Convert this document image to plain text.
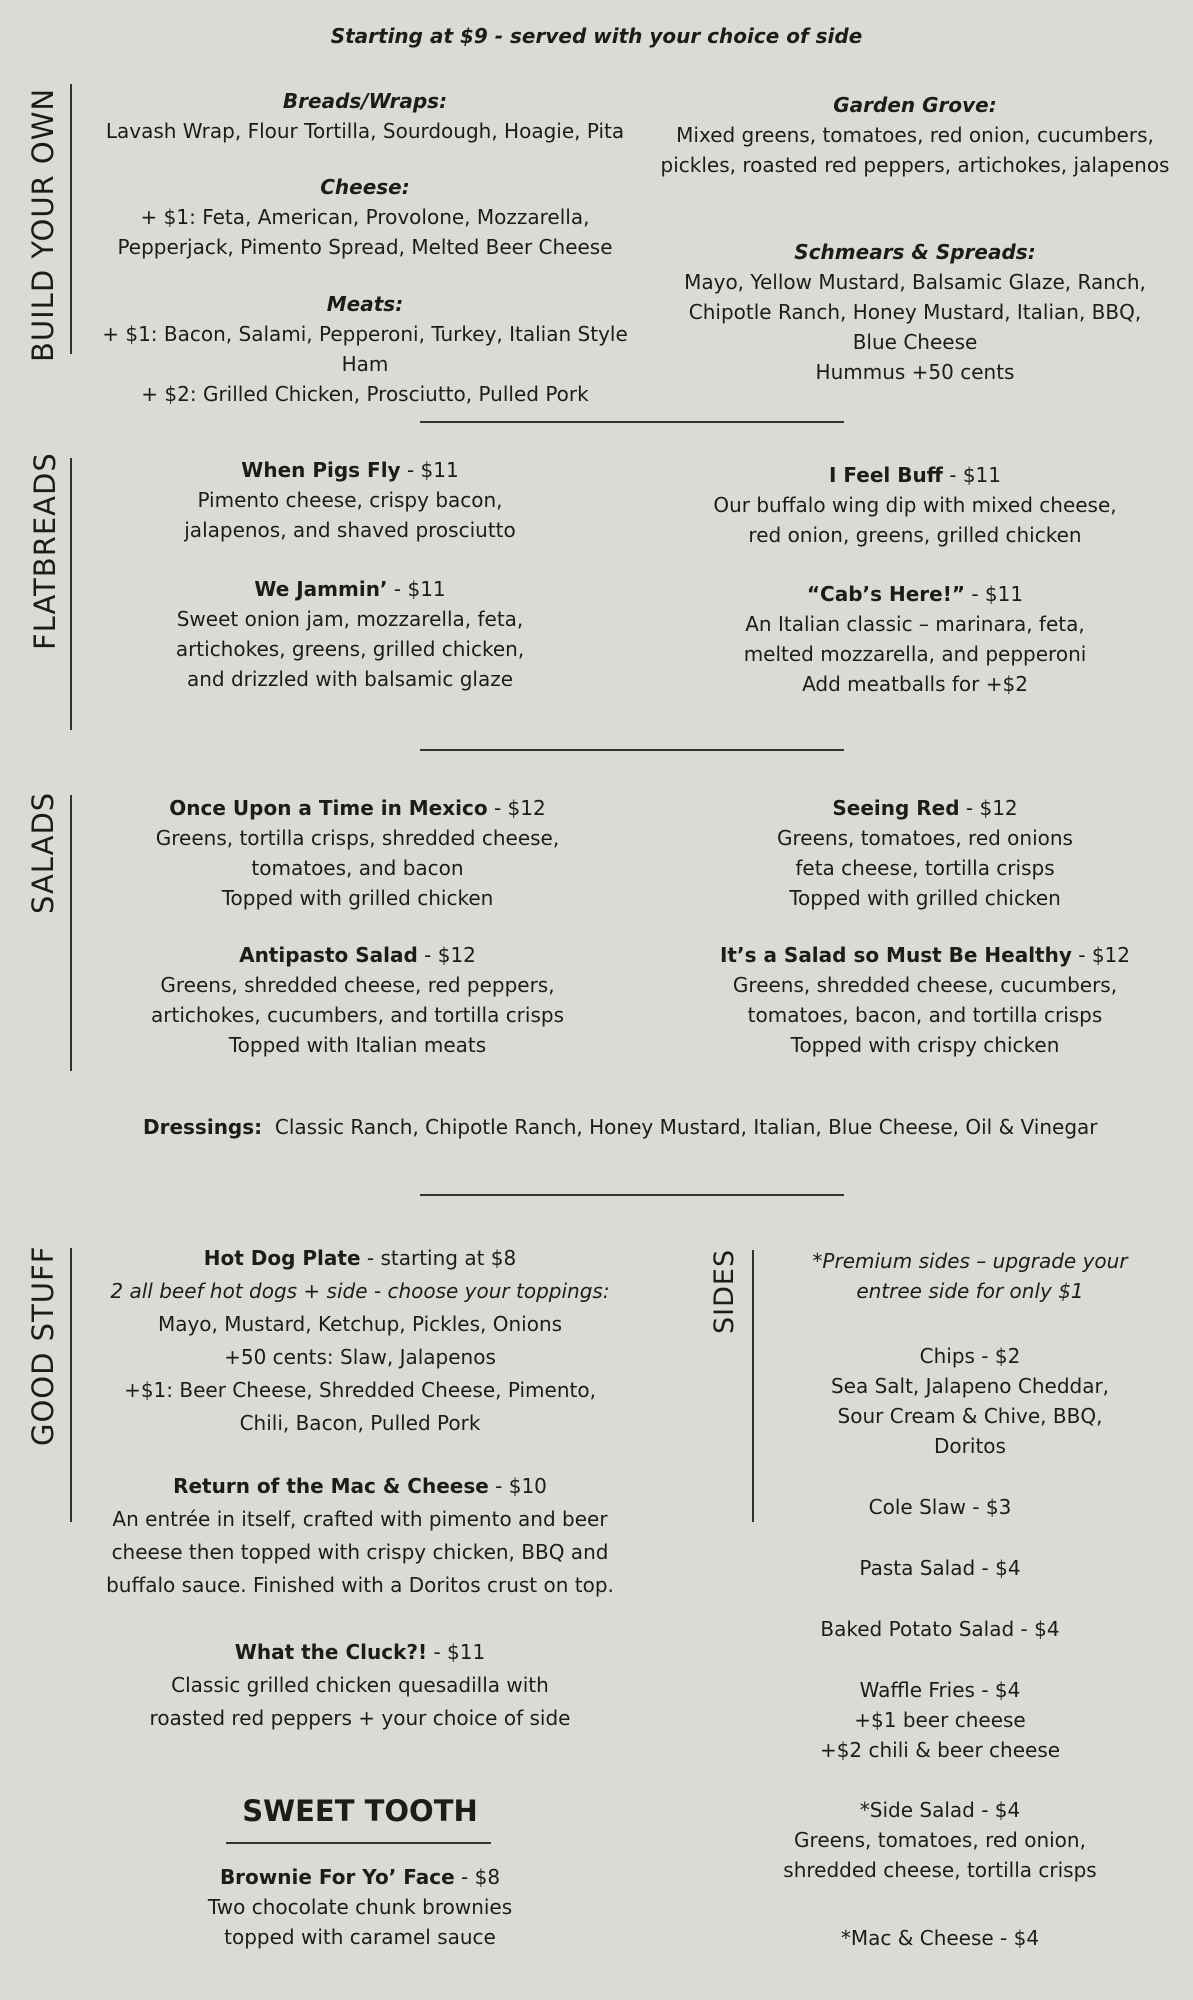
Starting at $9 - served with your choice of side
BUILD YOUR OWN	Breads/Wraps:
Lavash Wrap, Flour Tortilla, Sourdough, Hoagie, Pita
Cheese:
+ $1: Feta, American, Provolone, Mozzarella,
Pepperjack, Pimento Spread, Melted Beer Cheese
Meats:
+ $1: Bacon, Salami, Pepperoni, Turkey, Italian Style Ham
+ $2: Grilled Chicken, Prosciutto, Pulled Pork
Garden Grove:
Mixed greens, tomatoes, red onion, cucumbers,
pickles, roasted red peppers, artichokes, jalapenos
Schmears & Spreads:
Mayo, Yellow Mustard, Balsamic Glaze, Ranch,
Chipotle Ranch, Honey Mustard, Italian, BBQ,
Blue Cheese
Hummus +50 cents
FLATBREADS	When Pigs Fly - $11
Pimento cheese, crispy bacon,
jalapenos, and shaved prosciutto
We Jammin’ - $11
Sweet onion jam, mozzarella, feta,
artichokes, greens, grilled chicken,
and drizzled with balsamic glaze
I Feel Buff - $11
Our buffalo wing dip with mixed cheese,
red onion, greens, grilled chicken
“Cab’s Here!” - $11
An Italian classic – marinara, feta,
melted mozzarella, and pepperoni
Add meatballs for +$2
SALADS	Once Upon a Time in Mexico - $12
Greens, tortilla crisps, shredded cheese,
tomatoes, and bacon
Topped with grilled chicken
Antipasto Salad - $12
Greens, shredded cheese, red peppers,
artichokes, cucumbers, and tortilla crisps
Topped with Italian meats
Seeing Red - $12
Greens, tomatoes, red onions
feta cheese, tortilla crisps
Topped with grilled chicken
It’s a Salad so Must Be Healthy - $12
Greens, shredded cheese, cucumbers,
tomatoes, bacon, and tortilla crisps
Topped with crispy chicken
Dressings: Classic Ranch, Chipotle Ranch, Honey Mustard, Italian, Blue Cheese, Oil & Vinegar
GOOD STUFF	Hot Dog Plate - starting at $8
2 all beef hot dogs + side - choose your toppings:
Mayo, Mustard, Ketchup, Pickles, Onions
+50 cents: Slaw, Jalapenos
+$1: Beer Cheese, Shredded Cheese, Pimento,
Chili, Bacon, Pulled Pork
Return of the Mac & Cheese - $10
An entrée in itself, crafted with pimento and beer
cheese then topped with crispy chicken, BBQ and
buffalo sauce. Finished with a Doritos crust on top.
What the Cluck?! - $11
Classic grilled chicken quesadilla with
roasted red peppers + your choice of side
SWEET TOOTH
Brownie For Yo’ Face - $8
Two chocolate chunk brownies
topped with caramel sauce
SIDES	*Premium sides – upgrade your
entree side for only $1
Chips - $2
Sea Salt, Jalapeno Cheddar,
Sour Cream & Chive, BBQ,
Doritos
Cole Slaw - $3
Pasta Salad - $4
Baked Potato Salad - $4
Waffle Fries - $4
+$1 beer cheese
+$2 chili & beer cheese
*Side Salad - $4
Greens, tomatoes, red onion,
shredded cheese, tortilla crisps
*Mac & Cheese - $4
